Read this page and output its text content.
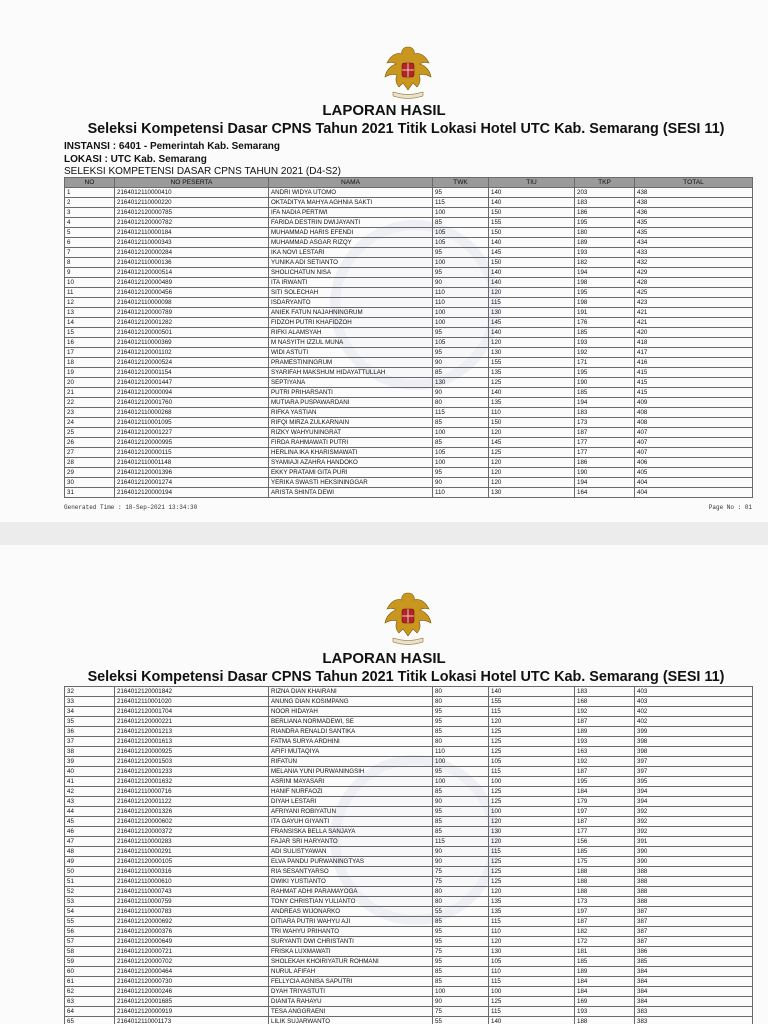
LAPORAN HASIL
Seleksi Kompetensi Dasar CPNS Tahun 2021 Titik Lokasi Hotel UTC Kab. Semarang (SESI 11)
INSTANSI : 6401 - Pemerintah Kab. Semarang
LOKASI : UTC Kab. Semarang
SELEKSI KOMPETENSI DASAR CPNS TAHUN 2021 (D4-S2)
NO	NO PESERTA	NAMA	TWK	TIU	TKP	TOTAL
1	2164012110000410	ANDRI WIDYA UTOMO	95	140	203	438
2	2164012110000220	OKTADITYA MAHYA AGHNIA SAKTI	115	140	183	438
3	2164012120000785	IFA NADIA PERTIWI	100	150	186	436
4	2164012120000782	FARIDA DESTRIN DWIJAYANTI	85	155	195	435
5	2164012110000184	MUHAMMAD HARIS EFENDI	105	150	180	435
6	2164012110000343	MUHAMMAD ASGAR RIZQY	105	140	189	434
7	2164012120000284	IKA NOVI LESTARI	95	145	193	433
8	2164012110000136	YUNIKA ADI SETIANTO	100	150	182	432
9	2164012120000514	SHOLICHATUN NISA	95	140	194	429
10	2164012120000489	ITA IRWANTI	90	140	198	428
11	2164012120000456	SITI SOLECHAH	110	120	195	425
12	2164012110000098	ISDARYANTO	110	115	198	423
13	2164012120000789	ANIEK FATUN NAJAHNINGRUM	100	130	191	421
14	2164012120001282	FIDZOH PUTRI KHAFIDZOH	100	145	176	421
15	2164012120000501	RIFKI ALAMSYAH	95	140	185	420
16	2164012110000369	M NASYITH IZZUL MUNA	105	120	193	418
17	2164012120001102	WIDI ASTUTI	95	130	192	417
18	2164012120000524	PRAMESTININGRUM	90	155	171	416
19	2164012120001154	SYARIFAH MAKSHUM HIDAYATTULLAH	85	135	195	415
20	2164012120001447	SEPTIYANA	130	125	190	415
21	2164012120000094	PUTRI PRIHARSANTI	90	140	185	415
22	2164012120001760	MUTIARA PUSPAWARDANI	80	135	194	409
23	2164012110000268	RIFKA YASTIAN	115	110	183	408
24	2164012110001095	RIFQI MIRZA ZULKARNAIN	85	150	173	408
25	2164012120001227	RIZKY WAHYUNINGRAT	100	120	187	407
26	2164012120000995	FIRDA RAHMAWATI PUTRI	85	145	177	407
27	2164012120000115	HERLINA IKA KHARISMAWATI	105	125	177	407
28	2164012110001148	SYAMIAJI AZAHRA HANDOKO	100	120	186	406
29	2164012120001396	EKKY PRATAMI GITA PURI	95	120	190	405
30	2164012120001274	YERIKA SWASTI HEKSININGGAR	90	120	194	404
31	2164012120000194	ARISTA SHINTA DEWI	110	130	164	404
Generated Time : 18-Sep-2021 13:34:30	Page No : 01
LAPORAN HASIL
Seleksi Kompetensi Dasar CPNS Tahun 2021 Titik Lokasi Hotel UTC Kab. Semarang (SESI 11)
32	2164012120001842	RIZNA DIAN KHAIRANI	80	140	183	403
33	2164012110001020	ANUNG DIAN KOSIMPANG	80	155	168	403
34	2164012120001704	NOOR HIDAYAH	95	115	192	402
35	2164012120000221	BERLIANA NORMADEWI, SE	95	120	187	402
36	2164012120001213	RIANDRA RENALDI SANTIKA	85	125	189	399
37	2164012120001613	FATMA SURYA ARDHINI	80	125	193	398
38	2164012120000925	AFIFI MUTAQIYA	110	125	163	398
39	2164012120001503	RIFATUN	100	105	192	397
40	2164012120001233	MELANIA YUNI PURWANINGSIH	95	115	187	397
41	2164012120001632	ASRINI MAYASARI	100	100	195	395
42	2164012110000716	HANIF NURFAOZI	85	125	184	394
43	2164012120001122	DIYAH LESTARI	90	125	179	394
44	2164012120001326	AFRIYANI ROBIYATUN	95	100	197	392
45	2164012120000602	ITA GAYUH GIYANTI	85	120	187	392
46	2164012120000372	FRANSISKA BELLA SANJAYA	85	130	177	392
47	2164012110000283	FAJAR SRI HARYANTO	115	120	156	391
48	2164012110000291	ADI SULISTYAWAN	90	115	185	390
49	2164012120000105	ELVA PANDU PURWANINGTYAS	90	125	175	390
50	2164012110000316	RIA SESANTYARSO	75	125	188	388
51	2164012110000610	DWIKI YUSTIANTO	75	125	188	388
52	2164012110000743	RAHMAT ADHI PARAMAYOGA	80	120	188	388
53	2164012110000759	TONY CHRISTIAN YULIANTO	80	135	173	388
54	2164012110000783	ANDREAS WIJONARKO	55	135	197	387
55	2164012120000692	DITIARA PUTRI WAHYU AJI	85	115	187	387
56	2164012120000376	TRI WAHYU PRIHANTO	95	110	182	387
57	2164012120000649	SURYANTI DWI CHRISTANTI	95	120	172	387
58	2164012120000721	FRISKA LUXMAWATI	75	130	181	386
59	2164012120000702	SHOLEKAH KHOIRIYATUR ROHMANI	95	105	185	385
60	2164012120000464	NURUL AFIFAH	85	110	189	384
61	2164012120000730	FELLYCIA AGNISA SAPUTRI	85	115	184	384
62	2164012120000246	DYAH TRIYASTUTI	100	100	184	384
63	2164012120001685	DIANITA RAHAYU	90	125	169	384
64	2164012120000919	TESA ANGGRAENI	75	115	193	383
65	2164012110001173	LILIK SUJARWANTO	55	140	188	383
